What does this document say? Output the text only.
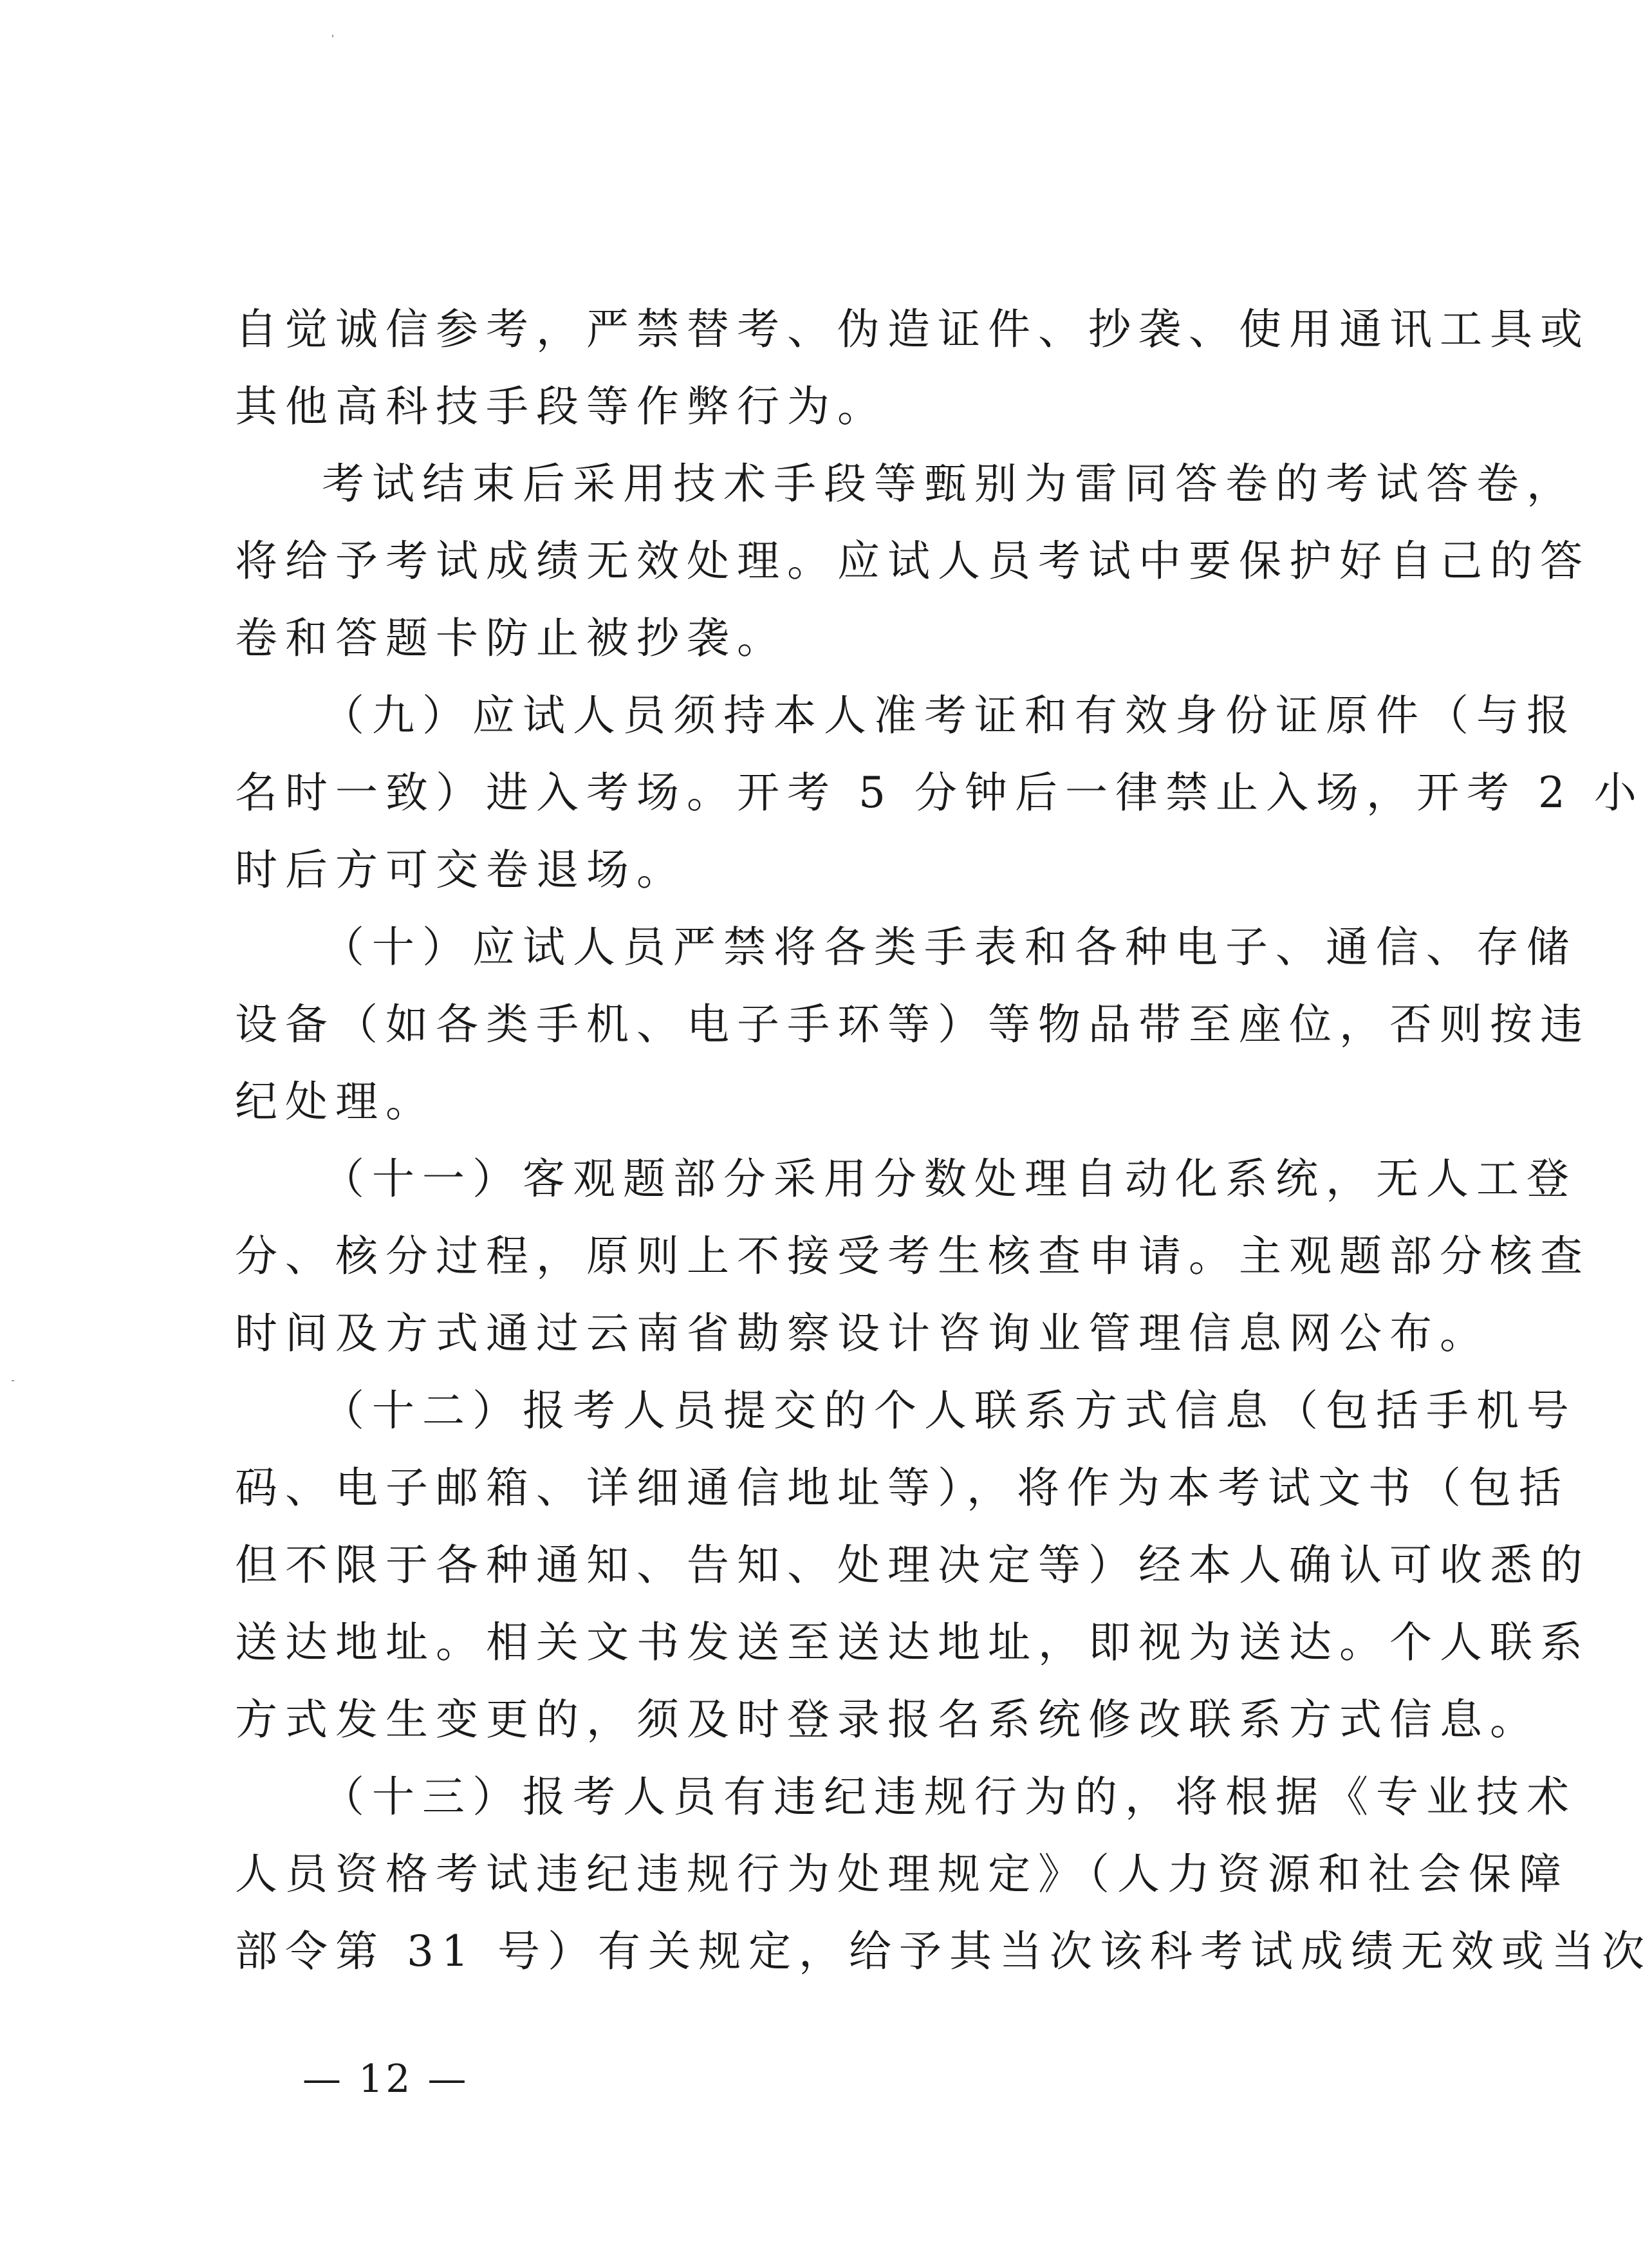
自觉诚信参考，严禁替考、伪造证件、抄袭、使用通讯工具或
其他高科技手段等作弊行为。
考试结束后采用技术手段等甄别为雷同答卷的考试答卷，
将给予考试成绩无效处理。应试人员考试中要保护好自己的答
卷和答题卡防止被抄袭。
（九）应试人员须持本人准考证和有效身份证原件（与报
名时一致）进入考场。开考 5 分钟后一律禁止入场，开考 2 小
时后方可交卷退场。
（十）应试人员严禁将各类手表和各种电子、通信、存储
设备（如各类手机、电子手环等）等物品带至座位，否则按违
纪处理。
（十一）客观题部分采用分数处理自动化系统，无人工登
分、核分过程，原则上不接受考生核查申请。主观题部分核查
时间及方式通过云南省勘察设计咨询业管理信息网公布。
（十二）报考人员提交的个人联系方式信息（包括手机号
码、电子邮箱、详细通信地址等），将作为本考试文书（包括
但不限于各种通知、告知、处理决定等）经本人确认可收悉的
送达地址。相关文书发送至送达地址，即视为送达。个人联系
方式发生变更的，须及时登录报名系统修改联系方式信息。
（十三）报考人员有违纪违规行为的，将根据《专业技术
人员资格考试违纪违规行为处理规定》（人力资源和社会保障
部令第 31 号）有关规定，给予其当次该科考试成绩无效或当次
— 12 —
